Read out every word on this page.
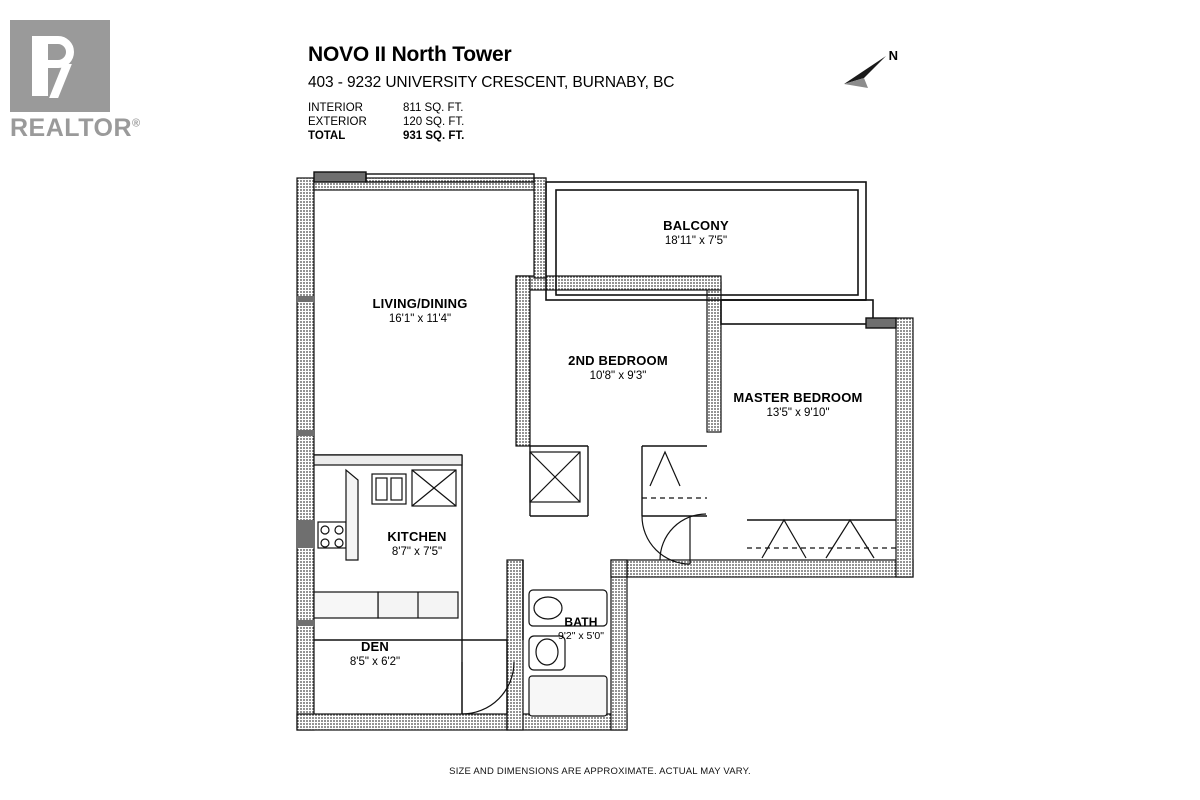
REALTOR®
NOVO II North Tower
403 - 9232 UNIVERSITY CRESCENT, BURNABY, BC
INTERIOR	811 SQ. FT.
EXTERIOR	120 SQ. FT.
TOTAL	931 SQ. FT.
N
BALCONY
18'11" x 7'5"
LIVING/DINING
16'1" x 11'4"
2ND BEDROOM
10'8" x 9'3"
MASTER BEDROOM
13'5" x 9'10"
KITCHEN
8'7" x 7'5"
DEN
8'5" x 6'2"
BATH
9'2" x 5'0"
SIZE AND DIMENSIONS ARE APPROXIMATE. ACTUAL MAY VARY.
